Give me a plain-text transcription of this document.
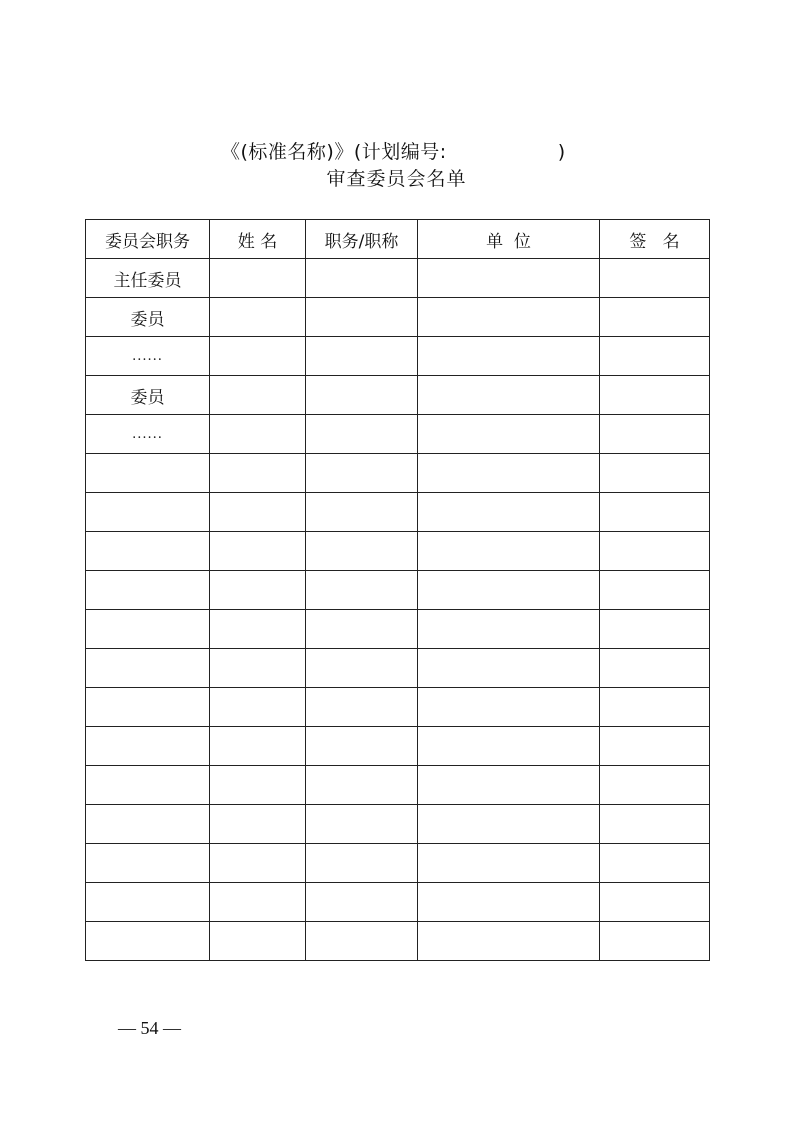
《(标准名称)》(计划编号:                 )
审查委员会名单
委员会职务	姓 名	职务/职称	单  位	签   名
主任委员				
委员				
......				
委员				
......				

— 54 —
